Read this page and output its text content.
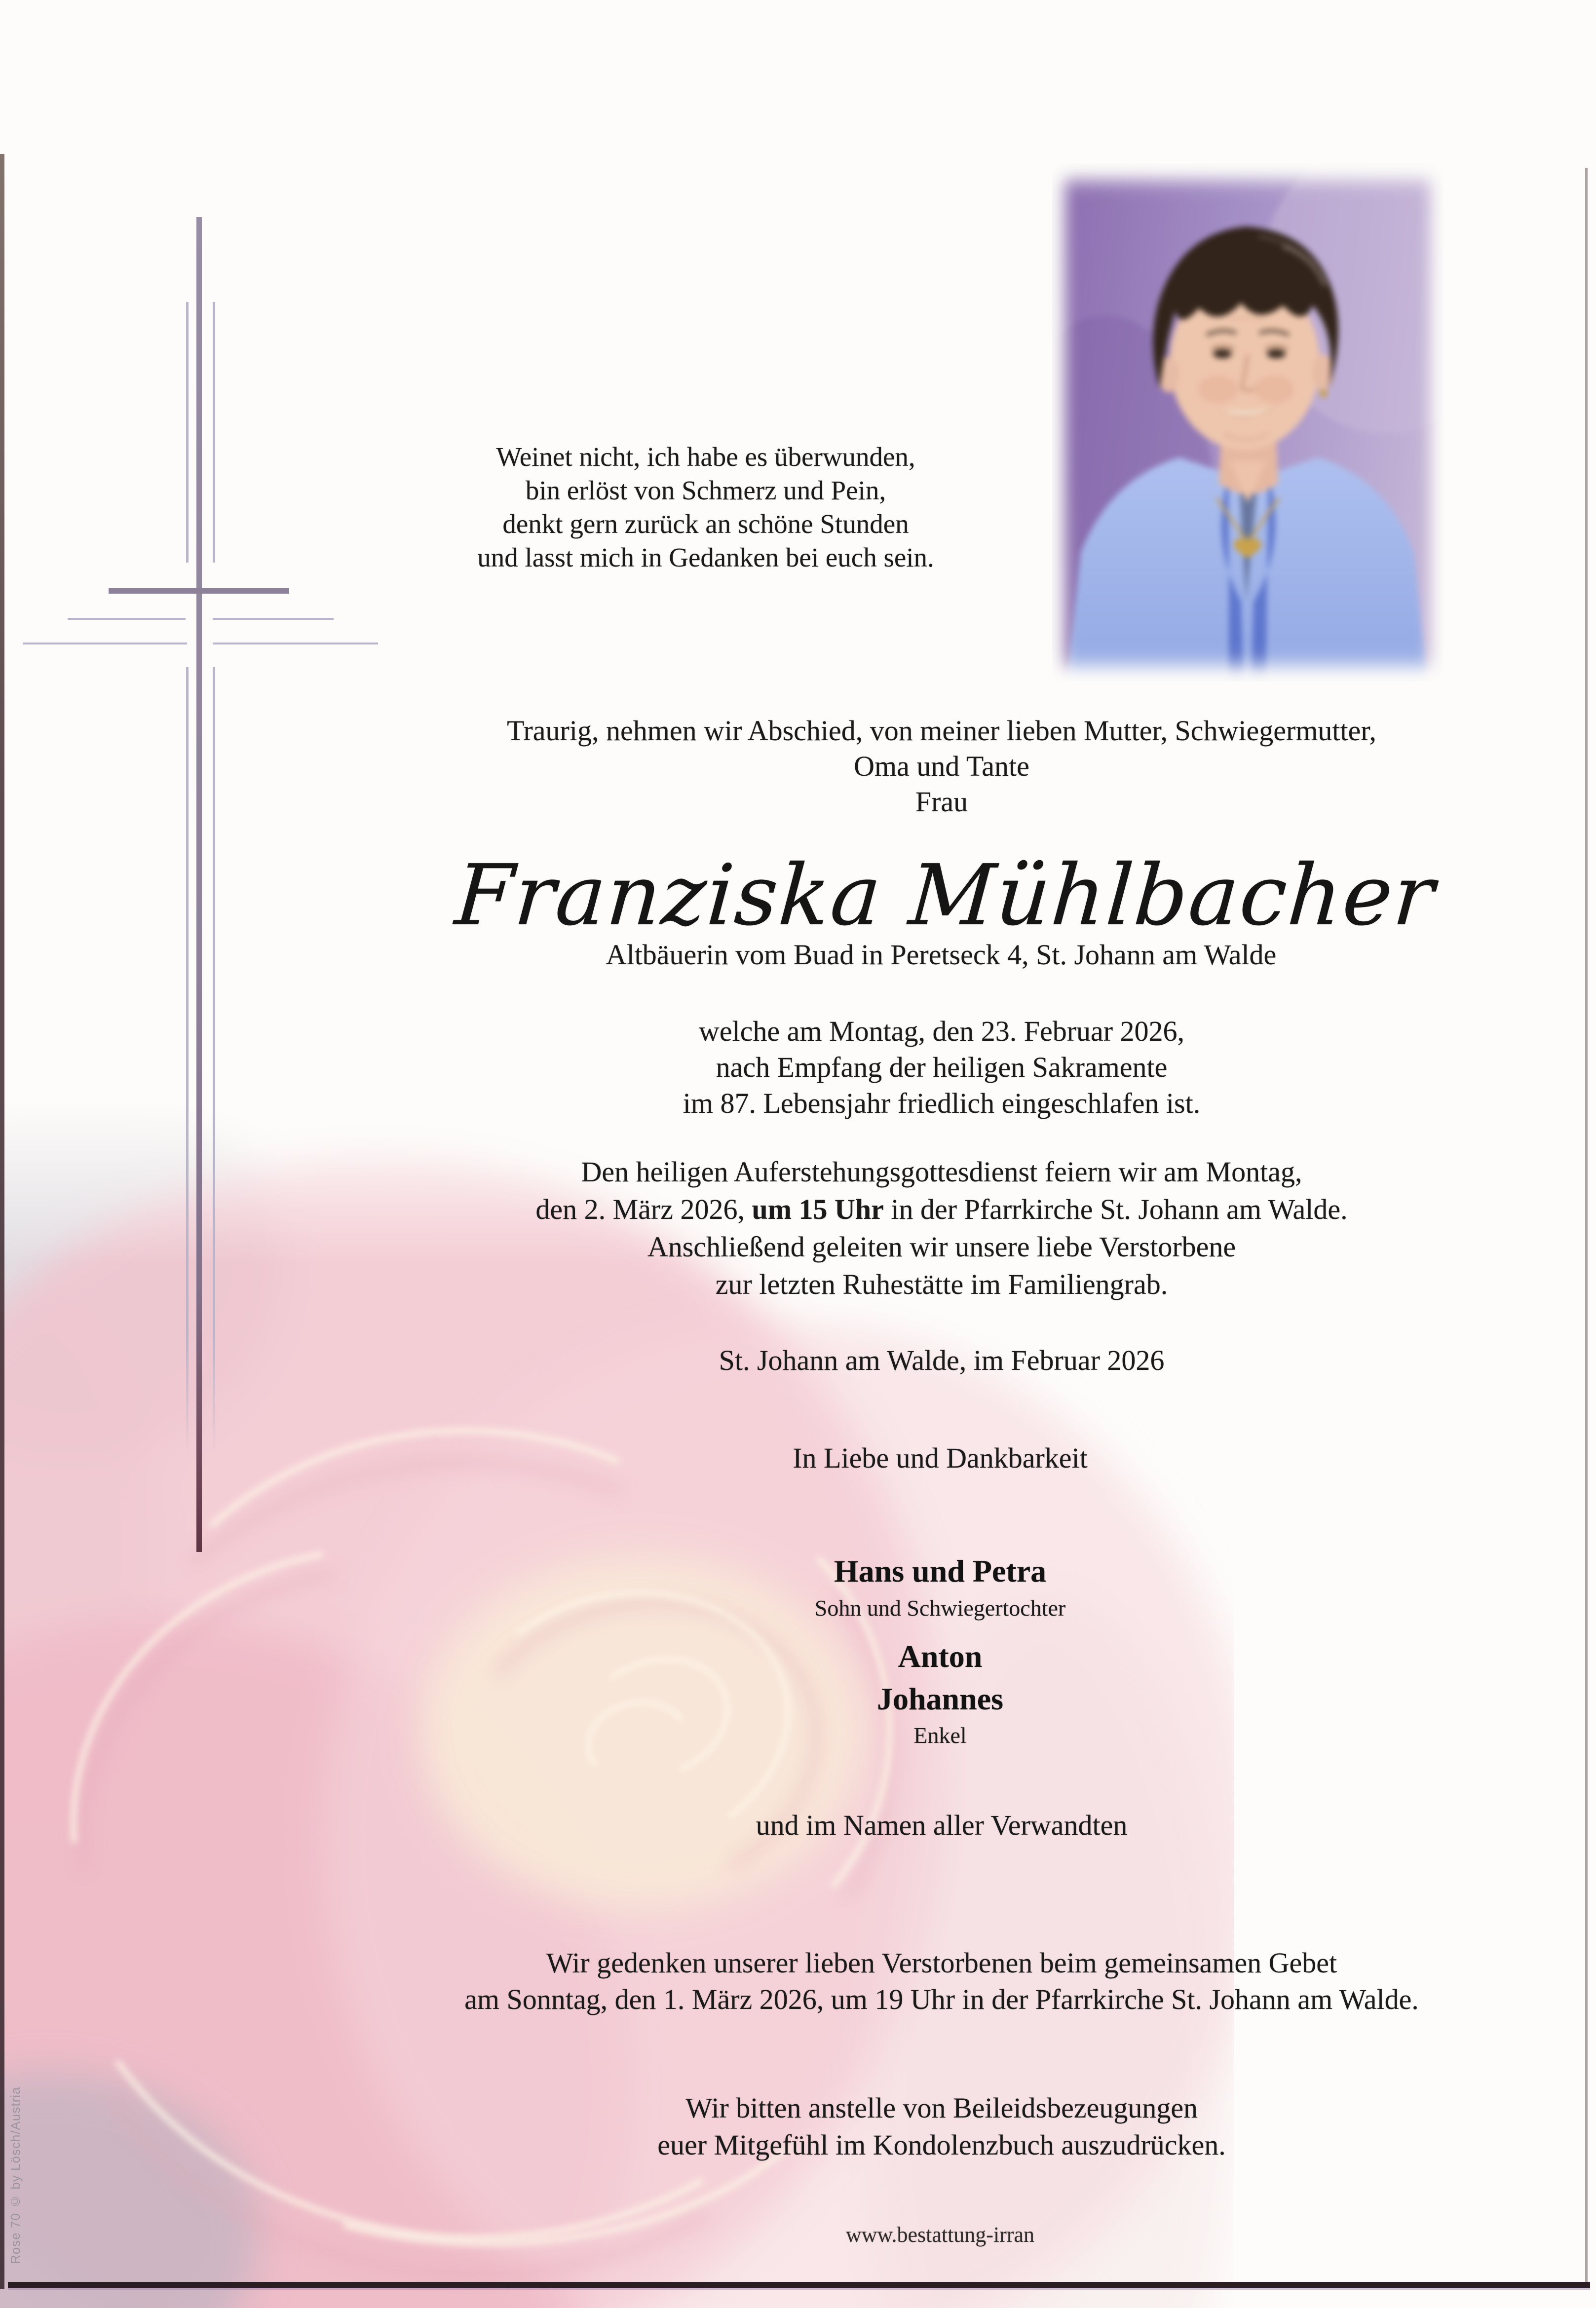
Weinet nicht, ich habe es überwunden,
bin erlöst von Schmerz und Pein,
denkt gern zurück an schöne Stunden
und lasst mich in Gedanken bei euch sein.
Traurig, nehmen wir Abschied, von meiner lieben Mutter, Schwiegermutter,
Oma und Tante
Frau
Franziska Mühlbacher
Altbäuerin vom Buad in Peretseck 4, St. Johann am Walde
welche am Montag, den 23. Februar 2026,
nach Empfang der heiligen Sakramente
im 87. Lebensjahr friedlich eingeschlafen ist.
Den heiligen Auferstehungsgottesdienst feiern wir am Montag,
den 2. März 2026, um 15 Uhr in der Pfarrkirche St. Johann am Walde.
Anschließend geleiten wir unsere liebe Verstorbene
zur letzten Ruhestätte im Familiengrab.
St. Johann am Walde, im Februar 2026
In Liebe und Dankbarkeit
Hans und Petra
Sohn und Schwiegertochter
Anton
Johannes
Enkel
und im Namen aller Verwandten
Wir gedenken unserer lieben Verstorbenen beim gemeinsamen Gebet
am Sonntag, den 1. März 2026, um 19 Uhr in der Pfarrkirche St. Johann am Walde.
Wir bitten anstelle von Beileidsbezeugungen
euer Mitgefühl im Kondolenzbuch auszudrücken.
www.bestattung-irran
Rose 70 © by Lösch/Austria
